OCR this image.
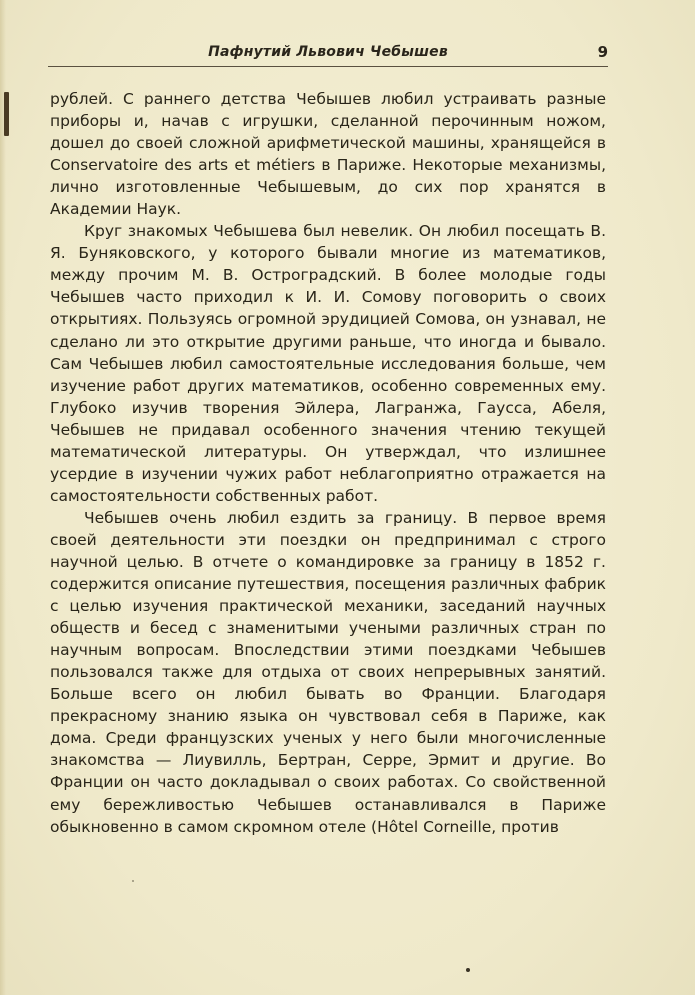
Пафнутий Львович Чебышев	9

рублей. С раннего детства Чебышев любил устраивать разные приборы и, начав с игрушки, сделанной перочинным ножом, дошел до своей сложной арифметической машины, хранящейся в Conservatoire des arts et métiers в Париже. Некоторые механизмы, лично изготовленные Чебышевым, до сих пор хранятся в Академии Наук.

Круг знакомых Чебышева был невелик. Он любил посещать В. Я. Буняковского, у которого бывали многие из математиков, между прочим М. В. Остроградский. В более молодые годы Чебышев часто приходил к И. И. Сомову поговорить о своих открытиях. Пользуясь огромной эрудицией Сомова, он узнавал, не сделано ли это открытие другими раньше, что иногда и бывало. Сам Чебышев любил самостоятельные исследования больше, чем изучение работ других математиков, особенно современных ему. Глубоко изучив творения Эйлера, Лагранжа, Гаусса, Абеля, Чебышев не придавал особенного значения чтению текущей математической литературы. Он утверждал, что излишнее усердие в изучении чужих работ неблагоприятно отражается на самостоятельности собственных работ.

Чебышев очень любил ездить за границу. В первое время своей деятельности эти поездки он предпринимал с строго научной целью. В отчете о командировке за границу в 1852 г. содержится описание путешествия, посещения различных фабрик с целью изучения практической механики, заседаний научных обществ и бесед с знаменитыми учеными различных стран по научным вопросам. Впоследствии этими поездками Чебышев пользовался также для отдыха от своих непрерывных занятий. Больше всего он любил бывать во Франции. Благодаря прекрасному знанию языка он чувствовал себя в Париже, как дома. Среди французских ученых у него были многочисленные знакомства — Лиувилль, Бертран, Серре, Эрмит и другие. Во Франции он часто докладывал о своих работах. Со свойственной ему бережливостью Чебышев останавливался в Париже обыкновенно в самом скромном отеле (Hôtel Corneille, против
